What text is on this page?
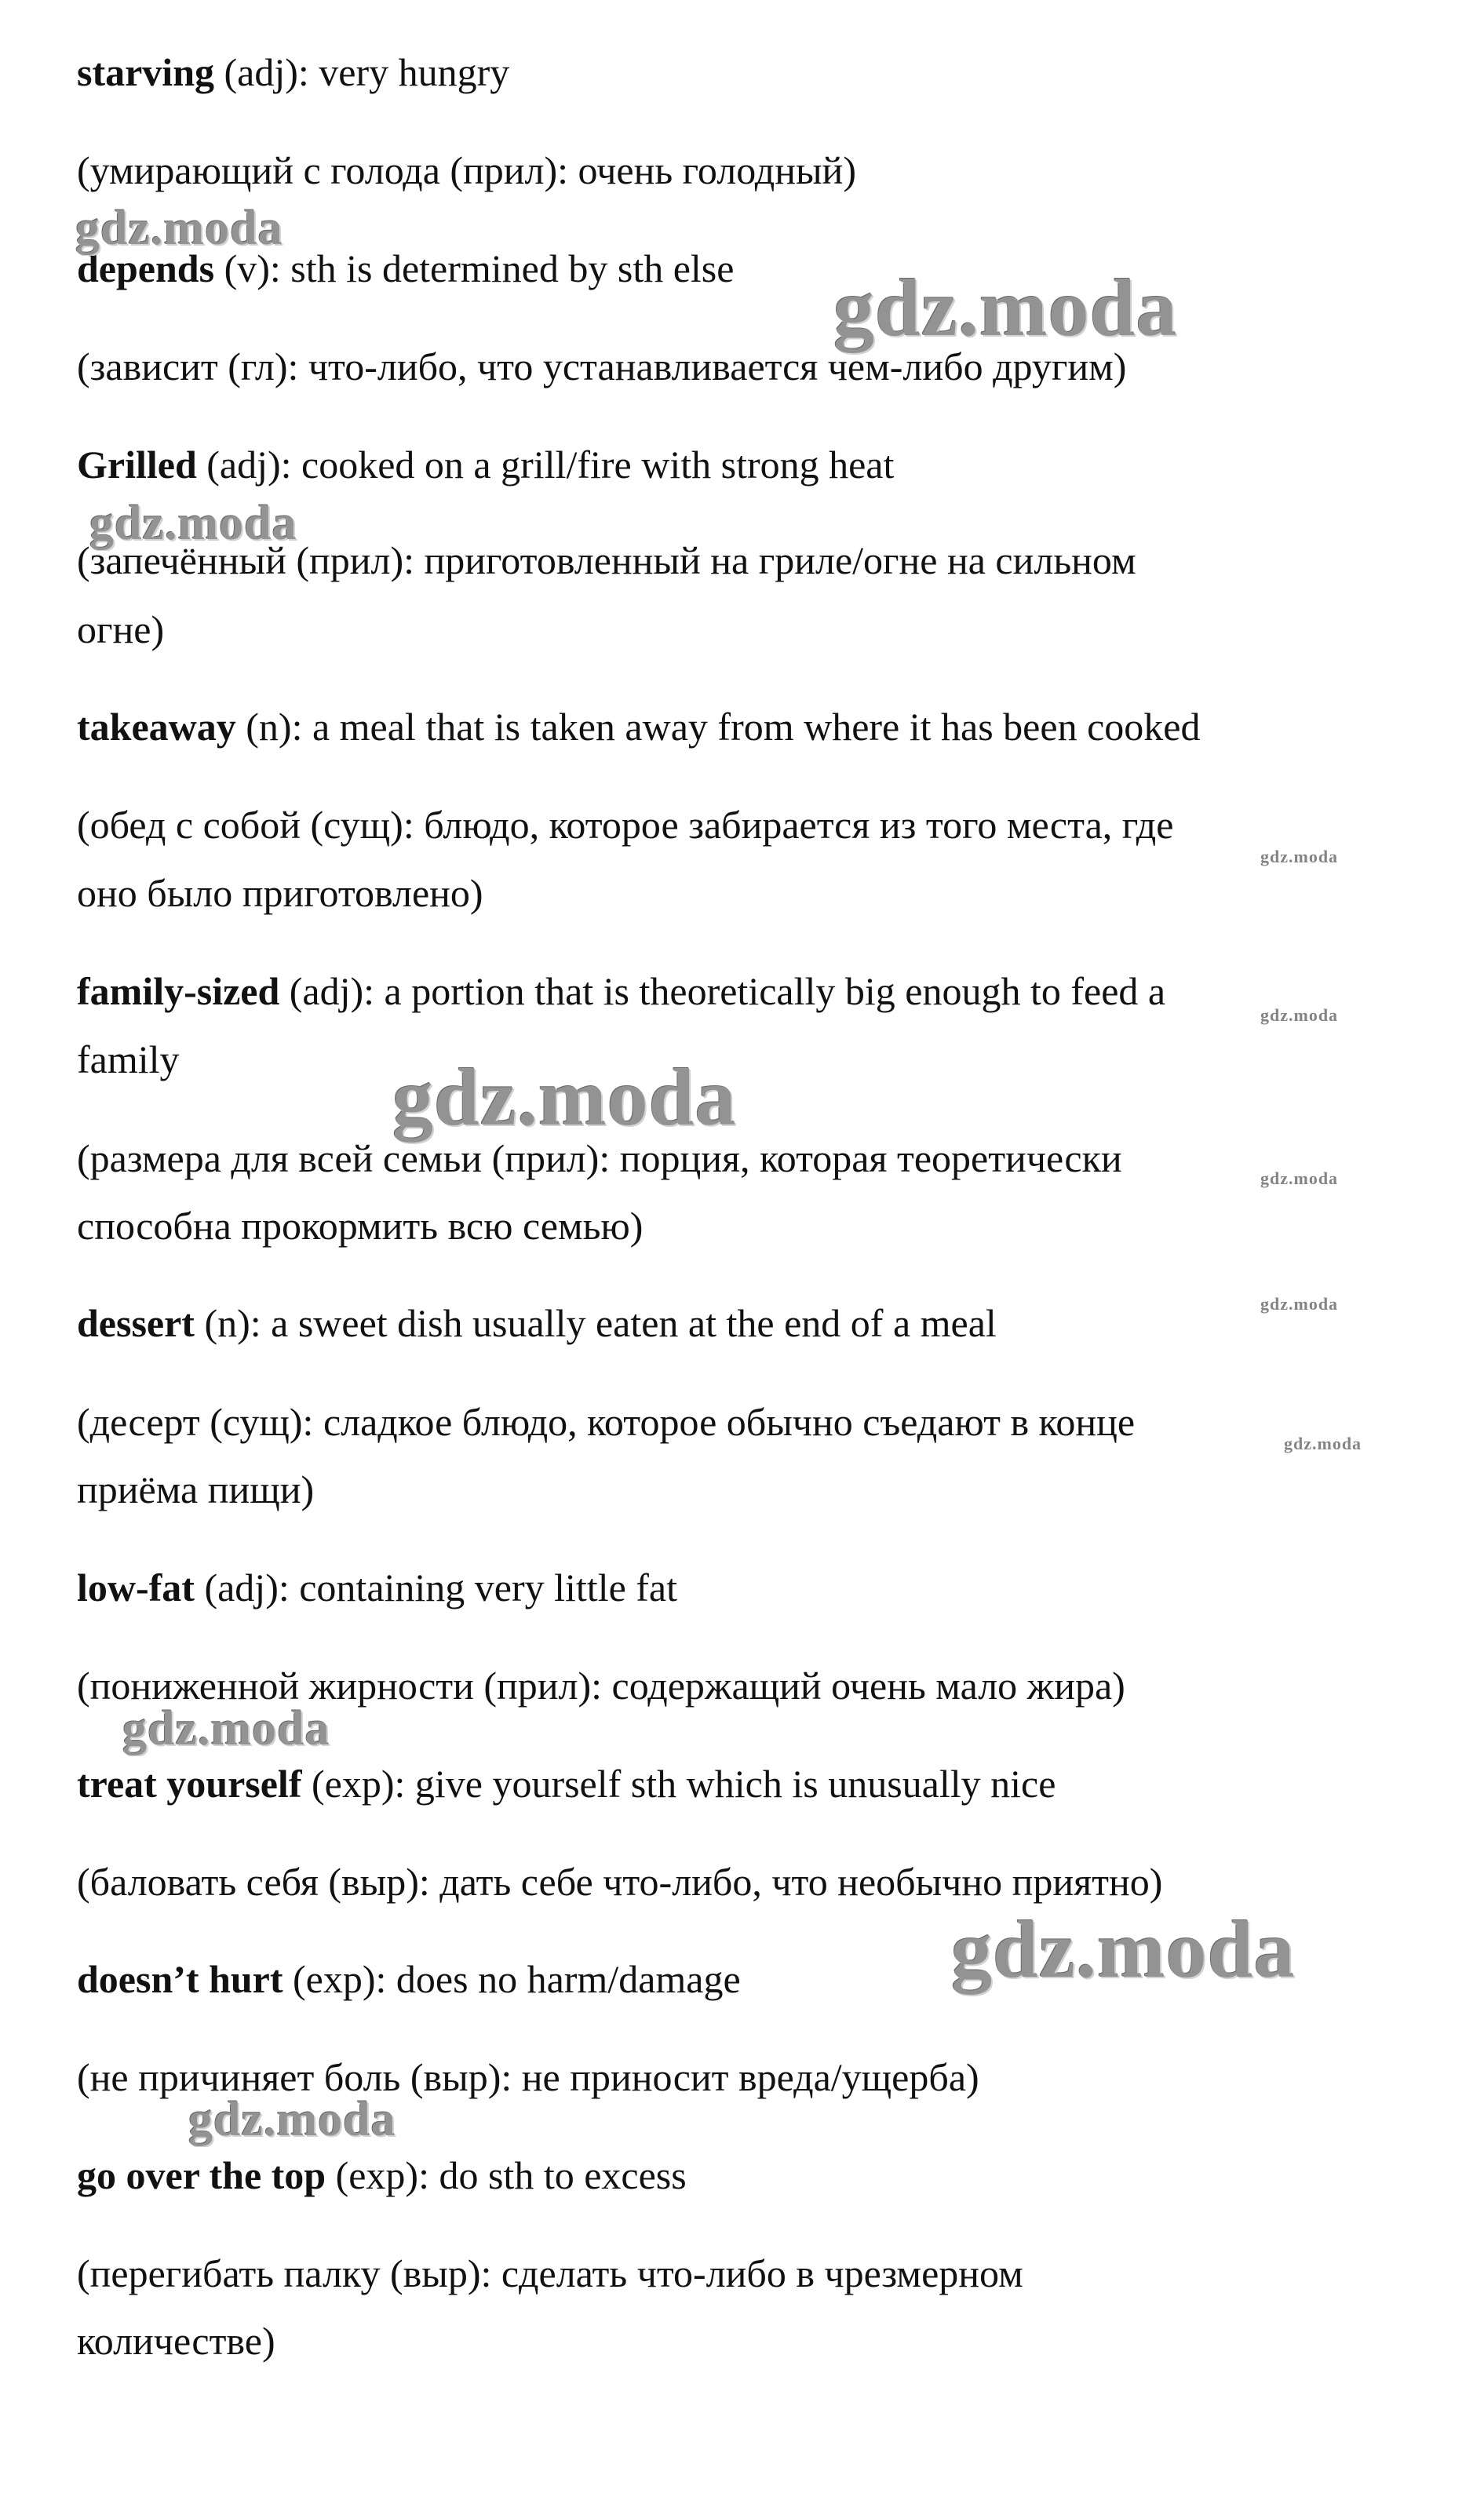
starving (adj): very hungry
(умирающий с голода (прил): очень голодный)
depends (v): sth is determined by sth else
(зависит (гл): что-либо, что устанавливается чем-либо другим)
Grilled (adj): cooked on a grill/fire with strong heat
(запечённый (прил): приготовленный на гриле/огне на сильном
огне)
takeaway (n): a meal that is taken away from where it has been cooked
(обед с собой (сущ): блюдо, которое забирается из того места, где
оно было приготовлено)
family-sized (adj): a portion that is theoretically big enough to feed a
family
(размера для всей семьи (прил): порция, которая теоретически
способна прокормить всю семью)
dessert (n): a sweet dish usually eaten at the end of a meal
(десерт (сущ): сладкое блюдо, которое обычно съедают в конце
приёма пищи)
low-fat (adj): containing very little fat
(пониженной жирности (прил): содержащий очень мало жира)
treat yourself (exp): give yourself sth which is unusually nice
(баловать себя (выр): дать себе что-либо, что необычно приятно)
doesn’t hurt (exp): does no harm/damage
(не причиняет боль (выр): не приносит вреда/ущерба)
go over the top (exp): do sth to excess
(перегибать палку (выр): сделать что-либо в чрезмерном
количестве)
gdz.moda
gdz.moda
gdz.moda
gdz.moda
gdz.moda
gdz.moda
gdz.moda
gdz.moda
gdz.moda
gdz.moda
gdz.moda
gdz.moda
